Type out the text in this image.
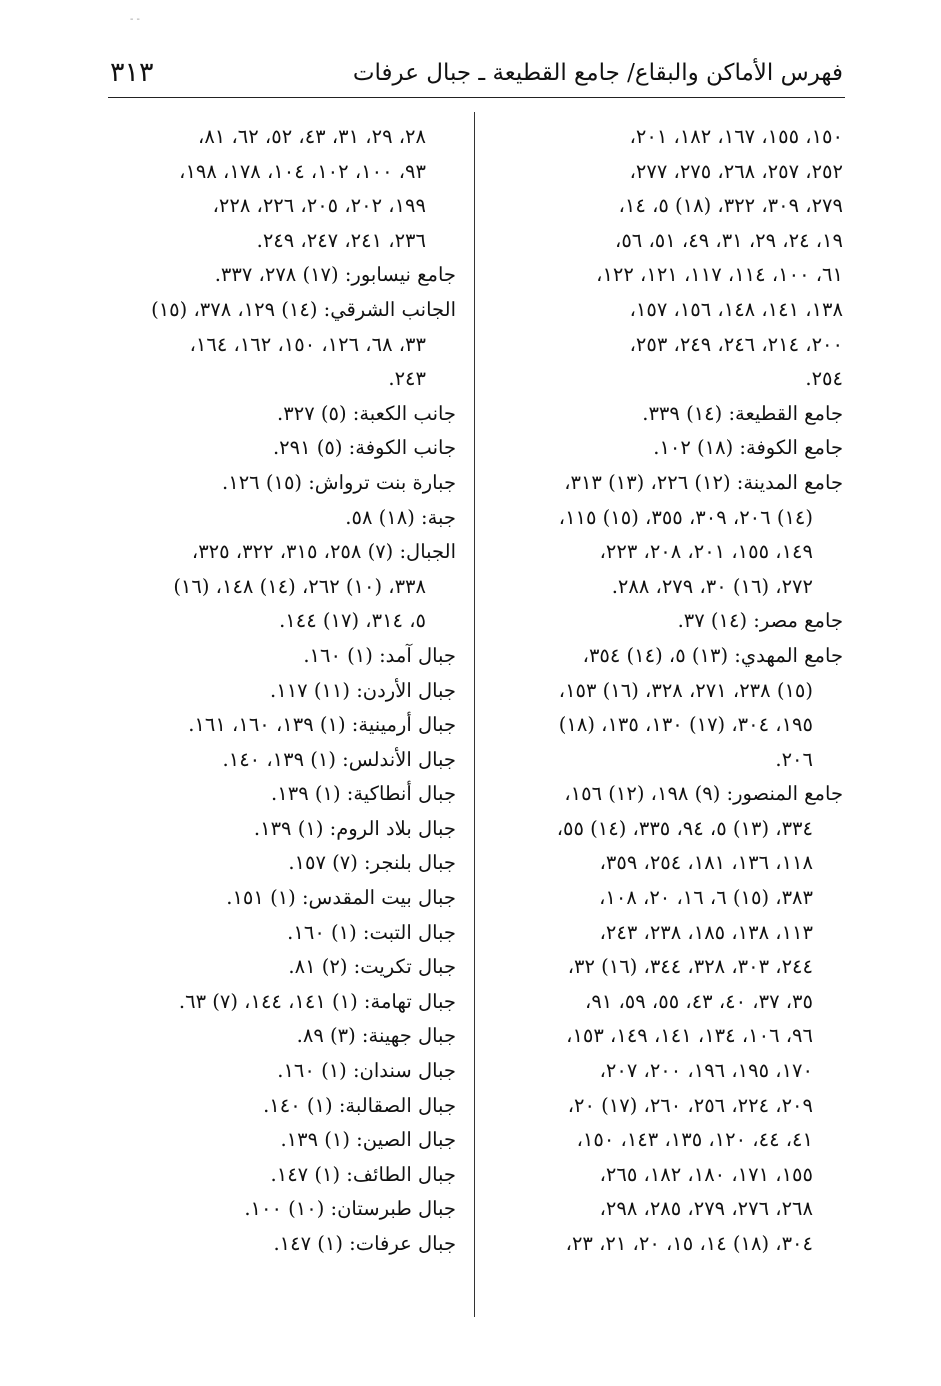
٣١٣	فهرس الأماكن والبقاع/ جامع القطيعة ـ جبال عرفات
١٥٠، ١٥٥، ١٦٧، ١٨٢، ٢٠١،
٢٥٢، ٢٥٧، ٢٦٨، ٢٧٥، ٢٧٧،
٢٧٩، ٣٠٩، ٣٢٢، (١٨) ٥، ١٤،
١٩، ٢٤، ٢٩، ٣١، ٤٩، ٥١، ٥٦،
٦١، ١٠٠، ١١٤، ١١٧، ١٢١، ١٢٢،
١٣٨، ١٤١، ١٤٨، ١٥٦، ١٥٧،
٢٠٠، ٢١٤، ٢٤٦، ٢٤٩، ٢٥٣،
٢٥٤.
جامع القطيعة: (١٤) ٣٣٩.
جامع الكوفة: (١٨) ١٠٢.
جامع المدينة: (١٢) ٢٢٦، (١٣) ٣١٣،
(١٤) ٢٠٦، ٣٠٩، ٣٥٥، (١٥) ١١٥،
١٤٩، ١٥٥، ٢٠١، ٢٠٨، ٢٢٣،
٢٧٢، (١٦) ٣٠، ٢٧٩، ٢٨٨.
جامع مصر: (١٤) ٣٧.
جامع المهدي: (١٣) ٥، (١٤) ٣٥٤،
(١٥) ٢٣٨، ٢٧١، ٣٢٨، (١٦) ١٥٣،
١٩٥، ٣٠٤، (١٧) ١٣٠، ١٣٥، (١٨)
٢٠٦.
جامع المنصور: (٩) ١٩٨، (١٢) ١٥٦،
٣٣٤، (١٣) ٥، ٩٤، ٣٣٥، (١٤) ٥٥،
١١٨، ١٣٦، ١٨١، ٢٥٤، ٣٥٩،
٣٨٣، (١٥) ٦، ١٦، ٢٠، ١٠٨،
١١٣، ١٣٨، ١٨٥، ٢٣٨، ٢٤٣،
٢٤٤، ٣٠٣، ٣٢٨، ٣٤٤، (١٦) ٣٢،
٣٥، ٣٧، ٤٠، ٤٣، ٥٥، ٥٩، ٩١،
٩٦، ١٠٦، ١٣٤، ١٤١، ١٤٩، ١٥٣،
١٧٠، ١٩٥، ١٩٦، ٢٠٠، ٢٠٧،
٢٠٩، ٢٢٤، ٢٥٦، ٢٦٠، (١٧) ٢٠،
٤١، ٤٤، ١٢٠، ١٣٥، ١٤٣، ١٥٠،
١٥٥، ١٧١، ١٨٠، ١٨٢، ٢٦٥،
٢٦٨، ٢٧٦، ٢٧٩، ٢٨٥، ٢٩٨،
٣٠٤، (١٨) ١٤، ١٥، ٢٠، ٢١، ٢٣،
٢٨، ٢٩، ٣١، ٤٣، ٥٢، ٦٢، ٨١،
٩٣، ١٠٠، ١٠٢، ١٠٤، ١٧٨، ١٩٨،
١٩٩، ٢٠٢، ٢٠٥، ٢٢٦، ٢٢٨،
٢٣٦، ٢٤١، ٢٤٧، ٢٤٩.
جامع نيسابور: (١٧) ٢٧٨، ٣٣٧.
الجانب الشرقي: (١٤) ١٢٩، ٣٧٨، (١٥)
٣٣، ٦٨، ١٢٦، ١٥٠، ١٦٢، ١٦٤،
٢٤٣.
جانب الكعبة: (٥) ٣٢٧.
جانب الكوفة: (٥) ٢٩١.
جبارة بنت ترواش: (١٥) ١٢٦.
جبة: (١٨) ٥٨.
الجبال: (٧) ٢٥٨، ٣١٥، ٣٢٢، ٣٢٥،
٣٣٨، (١٠) ٢٦٢، (١٤) ١٤٨، (١٦)
٥، ٣١٤، (١٧) ١٤٤.
جبال آمد: (١) ١٦٠.
جبال الأردن: (١١) ١١٧.
جبال أرمينية: (١) ١٣٩، ١٦٠، ١٦١.
جبال الأندلس: (١) ١٣٩، ١٤٠.
جبال أنطاكية: (١) ١٣٩.
جبال بلاد الروم: (١) ١٣٩.
جبال بلنجر: (٧) ١٥٧.
جبال بيت المقدس: (١) ١٥١.
جبال التبت: (١) ١٦٠.
جبال تكريت: (٢) ٨١.
جبال تهامة: (١) ١٤١، ١٤٤، (٧) ٦٣.
جبال جهينة: (٣) ٨٩.
جبال سندان: (١) ١٦٠.
جبال الصقالبة: (١) ١٤٠.
جبال الصين: (١) ١٣٩.
جبال الطائف: (١) ١٤٧.
جبال طبرستان: (١٠) ١٠٠.
جبال عرفات: (١) ١٤٧.
‐ ‐
